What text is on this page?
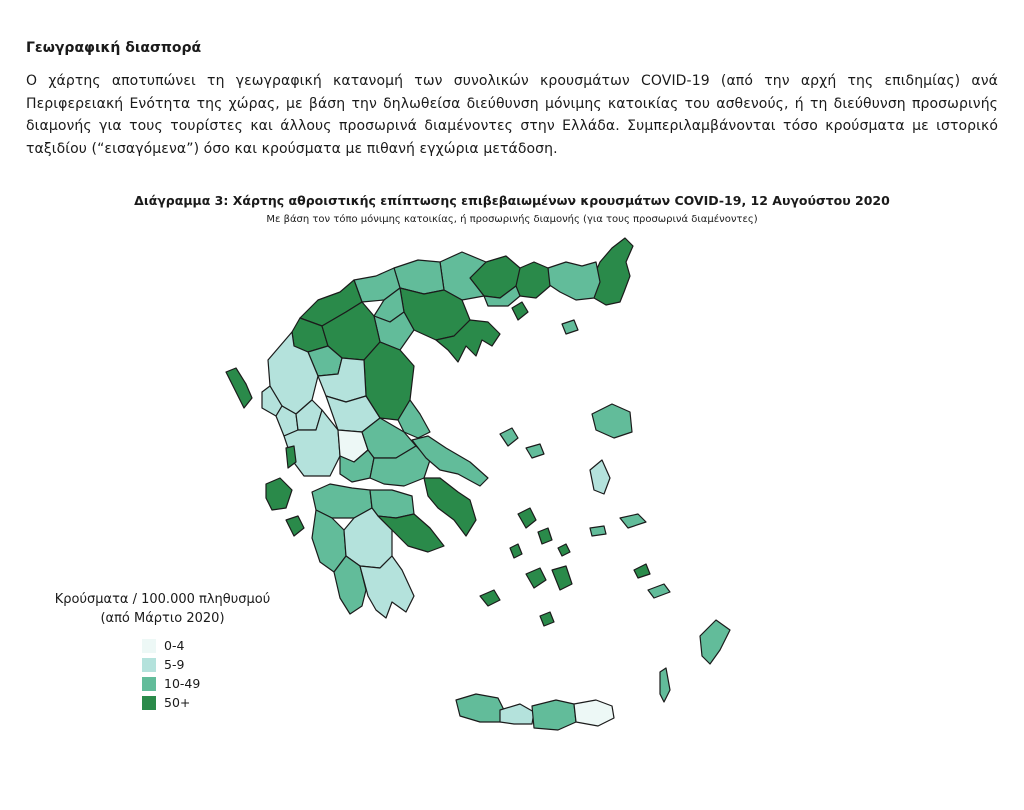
Γεωγραφική διασπορά

Ο χάρτης αποτυπώνει τη γεωγραφική κατανομή των συνολικών κρουσμάτων COVID-19 (από την αρχή της επιδημίας) ανά Περιφερειακή Ενότητα της χώρας, με βάση την δηλωθείσα διεύθυνση μόνιμης κατοικίας του ασθενούς, ή τη διεύθυνση προσωρινής διαμονής για τους τουρίστες και άλλους προσωρινά διαμένοντες στην Ελλάδα. Συμπεριλαμβάνονται τόσο κρούσματα με ιστορικό ταξιδίου (“εισαγόμενα”) όσο και κρούσματα με πιθανή εγχώρια μετάδοση.

Διάγραμμα 3: Χάρτης αθροιστικής επίπτωσης επιβεβαιωμένων κρουσμάτων COVID-19, 12 Αυγούστου 2020

Με βάση τον τόπο μόνιμης κατοικίας, ή προσωρινής διαμονής (για τους προσωρινά διαμένοντες)

Κρούσματα / 100.000 πληθυσμού
(από Μάρτιο 2020)
0-4
5-9
10-49
50+
